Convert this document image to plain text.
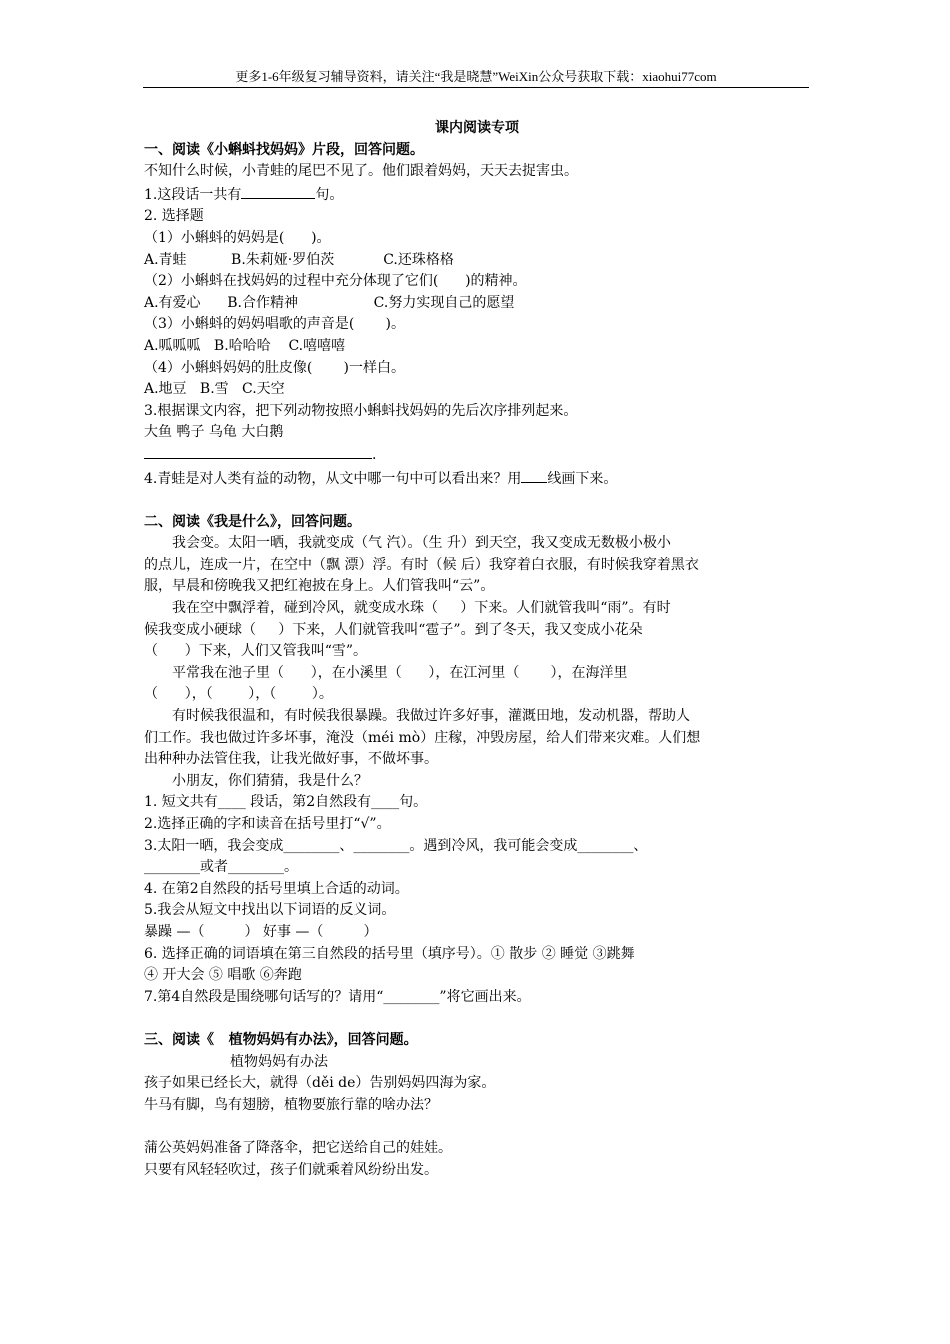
更多1-6年级复习辅导资料，请关注“我是晓慧”WeiXin公众号获取下载：xiaohui77com
课内阅读专项
一、阅读《小蝌蚪找妈妈》片段，回答问题。
不知什么时候，小青蛙的尾巴不见了。他们跟着妈妈，天天去捉害虫。
1.这段话一共有	句。
2. 选择题
（1）小蝌蚪的妈妈是(      )。
A.青蛙          B.朱莉娅·罗伯茨           C.还珠格格
（2）小蝌蚪在找妈妈的过程中充分体现了它们(      )的精神。
A.有爱心      B.合作精神                 C.努力实现自己的愿望
（3）小蝌蚪的妈妈唱歌的声音是(       )。
A.呱呱呱   B.哈哈哈    C.嘻嘻嘻
（4）小蝌蚪妈妈的肚皮像(       )一样白。
A.地豆   B.雪   C.天空
3.根据课文内容，把下列动物按照小蝌蚪找妈妈的先后次序排列起来。
大鱼 鸭子 乌龟 大白鹅
.
4.青蛙是对人类有益的动物，从文中哪一句中可以看出来？用 线画下来。
二、阅读《我是什么》，回答问题。
我会变。太阳一晒，我就变成（气 汽）。（生 升）到天空，我又变成无数极小极小
的点儿，连成一片，在空中（飘 漂）浮。有时（候 后）我穿着白衣服，有时候我穿着黑衣
服，早晨和傍晚我又把红袍披在身上。人们管我叫“云”。
我在空中飘浮着，碰到冷风，就变成水珠（     ）下来。人们就管我叫“雨”。有时
候我变成小硬球（     ）下来，人们就管我叫“雹子”。到了冬天，我又变成小花朵
（      ）下来，人们又管我叫“雪”。
平常我在池子里（      ），在小溪里（      ），在江河里（       ），在海洋里
（      ），（        ），（        ）。
有时候我很温和，有时候我很暴躁。我做过许多好事，灌溉田地，发动机器，帮助人
们工作。我也做过许多坏事，淹没（méi mò）庄稼，冲毁房屋，给人们带来灾难。人们想
出种种办法管住我，让我光做好事，不做坏事。
小朋友，你们猜猜，我是什么？
1. 短文共有____ 段话，第2自然段有____句。
2.选择正确的字和读音在括号里打“√”。
3.太阳一晒，我会变成________、________。遇到冷风，我可能会变成________、
________或者________。
4. 在第2自然段的括号里填上合适的动词。
5.我会从短文中找出以下词语的反义词。
暴躁 —（         ） 好事 —（         ）
6. 选择正确的词语填在第三自然段的括号里（填序号）。① 散步 ② 睡觉 ③跳舞
④ 开大会 ⑤ 唱歌 ⑥奔跑
7.第4自然段是围绕哪句话写的？请用“________”将它画出来。
三、阅读《   植物妈妈有办法》，回答问题。
植物妈妈有办法
孩子如果已经长大，就得（děi de）告别妈妈四海为家。
牛马有脚，鸟有翅膀，植物要旅行靠的啥办法？
蒲公英妈妈准备了降落伞，把它送给自己的娃娃。
只要有风轻轻吹过，孩子们就乘着风纷纷出发。
